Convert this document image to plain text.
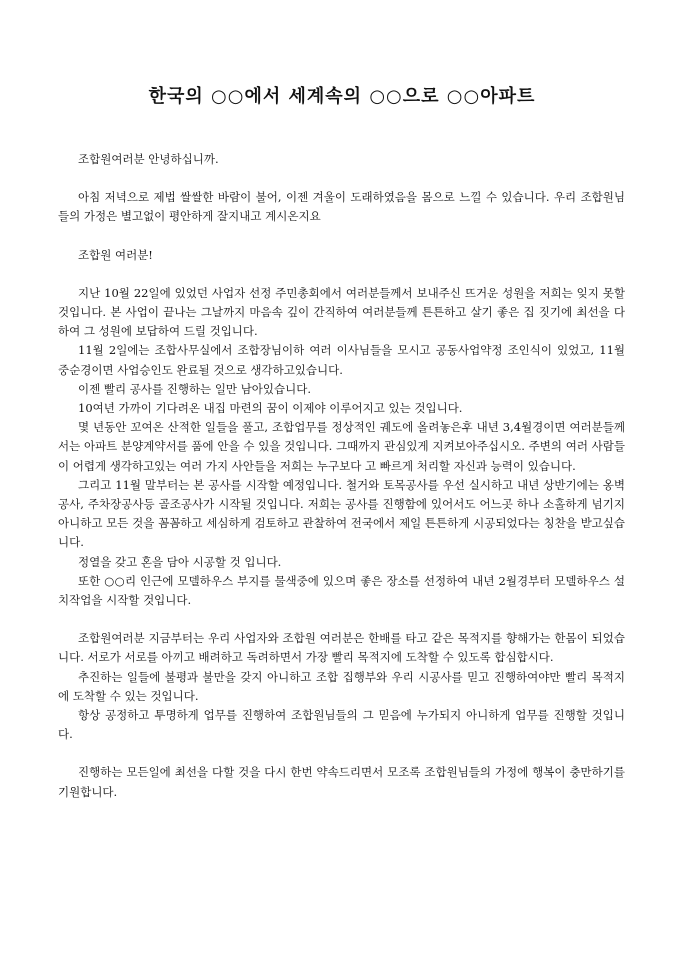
한국의 ○○에서 세계속의 ○○으로 ○○아파트

조합원여러분 안녕하십니까.

아침 저녁으로 제법 쌀쌀한 바람이 불어, 이젠 겨울이 도래하였음을 몸으로 느낄 수 있습니다. 우리 조합원님들의 가정은 별고없이 평안하게 잘지내고 계시온지요

조합원 여러분!

지난 10월 22일에 있었던 사업자 선정 주민총회에서 여러분들께서 보내주신 뜨거운 성원을 저희는 잊지 못할 것입니다. 본 사업이 끝나는 그날까지 마음속 깊이 간직하여 여러분들께 튼튼하고 살기 좋은 집 짓기에 최선을 다하여 그 성원에 보답하여 드릴 것입니다.

11월 2일에는 조합사무실에서 조합장님이하 여러 이사님들을 모시고 공동사업약정 조인식이 있었고, 11월 중순경이면 사업승인도 완료될 것으로 생각하고있습니다.

이젠 빨리 공사를 진행하는 일만 남아있습니다.

10여년 가까이 기다려온 내집 마련의 꿈이 이제야 이루어지고 있는 것입니다.

몇 년동안 꼬여온 산적한 일들을 풀고, 조합업무를 정상적인 궤도에 올려놓은후 내년 3,4월경이면 여러분들께서는 아파트 분양계약서를 품에 안을 수 있을 것입니다. 그때까지 관심있게 지켜보아주십시오. 주변의 여러 사람들이 어렵게 생각하고있는 여러 가지 사안들을 저희는 누구보다 고 빠르게 처리할 자신과 능력이 있습니다.

그리고 11월 말부터는 본 공사를 시작할 예정입니다. 철거와 토목공사를 우선 실시하고 내년 상반기에는 옹벽공사, 주차장공사등 골조공사가 시작될 것입니다. 저희는 공사를 진행함에 있어서도 어느곳 하나 소홀하게 넘기지 아니하고 모든 것을 꼼꼼하고 세심하게 검토하고 관찰하여 전국에서 제일 튼튼하게 시공되었다는 칭찬을 받고싶습니다.

정열을 갖고 혼을 담아 시공할 것 입니다.

또한 ○○리 인근에 모델하우스 부지를 물색중에 있으며 좋은 장소를 선정하여 내년 2월경부터 모델하우스 설치작업을 시작할 것입니다.

조합원여러분 지금부터는 우리 사업자와 조합원 여러분은 한배를 타고 같은 목적지를 향해가는 한몸이 되었습니다. 서로가 서로를 아끼고 배려하고 독려하면서 가장 빨리 목적지에 도착할 수 있도록 합심합시다.

추진하는 일들에 불평과 불만을 갖지 아니하고 조합 집행부와 우리 시공사를 믿고 진행하여야만 빨리 목적지에 도착할 수 있는 것입니다.

항상 공정하고 투명하게 업무를 진행하여 조합원님들의 그 믿음에 누가되지 아니하게 업무를 진행할 것입니다.

진행하는 모든일에 최선을 다할 것을 다시 한번 약속드리면서 모조록 조합원님들의 가정에 행복이 충만하기를 기원합니다.
